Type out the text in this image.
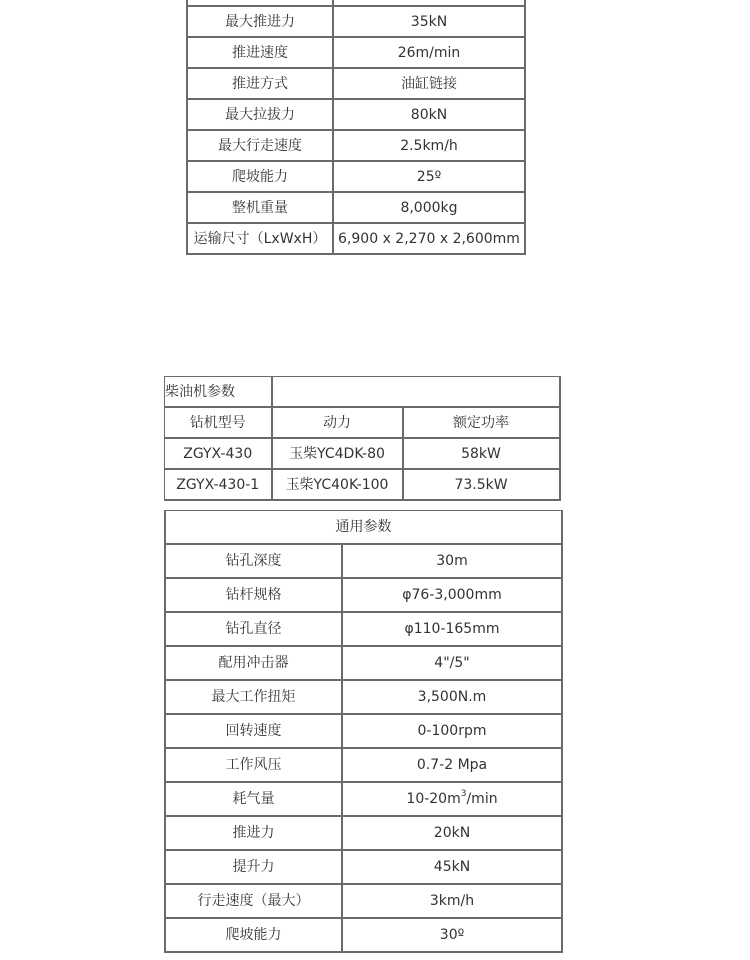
最大推进力	35kN
推进速度	26m/min
推进方式	油缸链接
最大拉拔力	80kN
最大行走速度	2.5km/h
爬坡能力	25º
整机重量	8,000kg
运输尺寸（LxWxH）	6,900 x 2,270 x 2,600mm
柴油机参数		
钻机型号	动力	额定功率
ZGYX-430	玉柴YC4DK-80	58kW
ZGYX-430-1	玉柴YC40K-100	73.5kW
通用参数	
钻孔深度	30m
钻杆规格	φ76-3,000mm
钻孔直径	φ110-165mm
配用冲击器	4"/5"
最大工作扭矩	3,500N.m
回转速度	0-100rpm
工作风压	0.7-2 Mpa
耗气量	$10-20m^3/\min$
推进力	20kN
提升力	45kN
行走速度（最大）	3km/h
爬坡能力	30º
